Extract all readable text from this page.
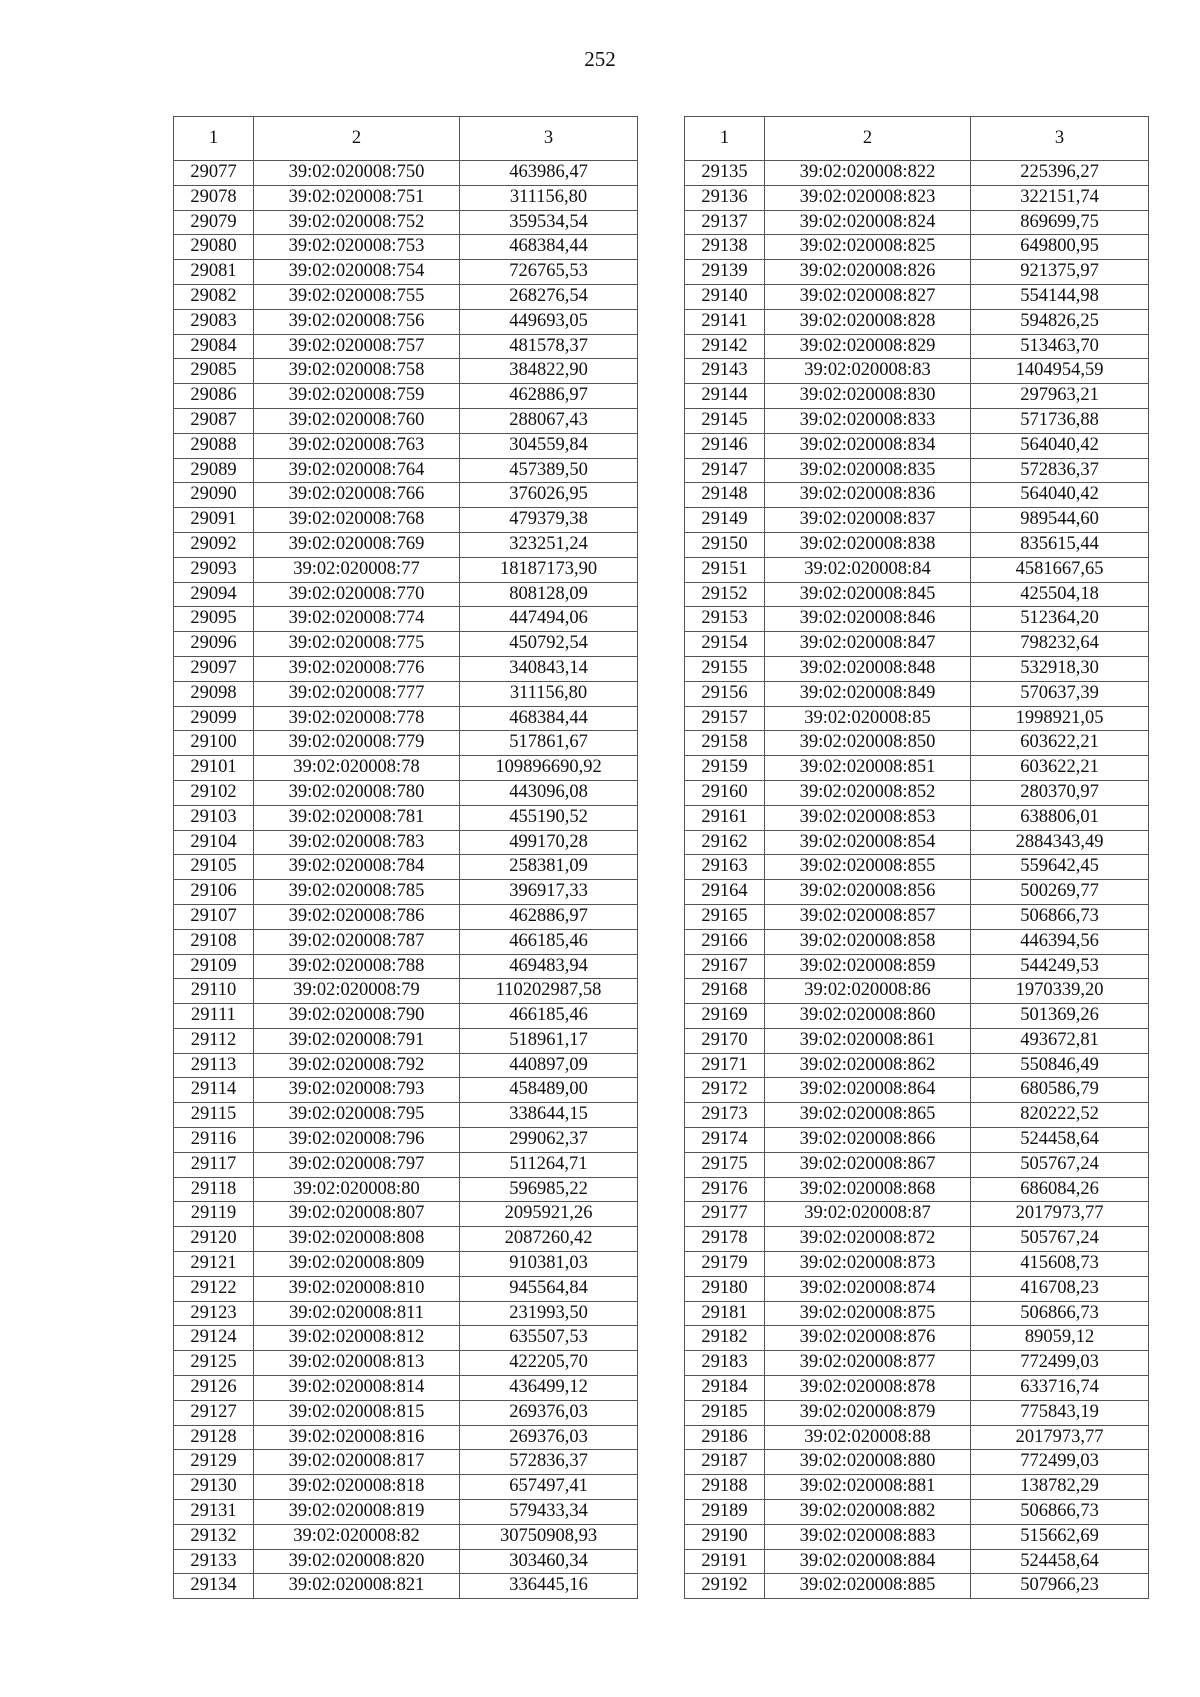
252
1	2	3
29077	39:02:020008:750	463986,47
29078	39:02:020008:751	311156,80
29079	39:02:020008:752	359534,54
29080	39:02:020008:753	468384,44
29081	39:02:020008:754	726765,53
29082	39:02:020008:755	268276,54
29083	39:02:020008:756	449693,05
29084	39:02:020008:757	481578,37
29085	39:02:020008:758	384822,90
29086	39:02:020008:759	462886,97
29087	39:02:020008:760	288067,43
29088	39:02:020008:763	304559,84
29089	39:02:020008:764	457389,50
29090	39:02:020008:766	376026,95
29091	39:02:020008:768	479379,38
29092	39:02:020008:769	323251,24
29093	39:02:020008:77	18187173,90
29094	39:02:020008:770	808128,09
29095	39:02:020008:774	447494,06
29096	39:02:020008:775	450792,54
29097	39:02:020008:776	340843,14
29098	39:02:020008:777	311156,80
29099	39:02:020008:778	468384,44
29100	39:02:020008:779	517861,67
29101	39:02:020008:78	109896690,92
29102	39:02:020008:780	443096,08
29103	39:02:020008:781	455190,52
29104	39:02:020008:783	499170,28
29105	39:02:020008:784	258381,09
29106	39:02:020008:785	396917,33
29107	39:02:020008:786	462886,97
29108	39:02:020008:787	466185,46
29109	39:02:020008:788	469483,94
29110	39:02:020008:79	110202987,58
29111	39:02:020008:790	466185,46
29112	39:02:020008:791	518961,17
29113	39:02:020008:792	440897,09
29114	39:02:020008:793	458489,00
29115	39:02:020008:795	338644,15
29116	39:02:020008:796	299062,37
29117	39:02:020008:797	511264,71
29118	39:02:020008:80	596985,22
29119	39:02:020008:807	2095921,26
29120	39:02:020008:808	2087260,42
29121	39:02:020008:809	910381,03
29122	39:02:020008:810	945564,84
29123	39:02:020008:811	231993,50
29124	39:02:020008:812	635507,53
29125	39:02:020008:813	422205,70
29126	39:02:020008:814	436499,12
29127	39:02:020008:815	269376,03
29128	39:02:020008:816	269376,03
29129	39:02:020008:817	572836,37
29130	39:02:020008:818	657497,41
29131	39:02:020008:819	579433,34
29132	39:02:020008:82	30750908,93
29133	39:02:020008:820	303460,34
29134	39:02:020008:821	336445,16
1	2	3
29135	39:02:020008:822	225396,27
29136	39:02:020008:823	322151,74
29137	39:02:020008:824	869699,75
29138	39:02:020008:825	649800,95
29139	39:02:020008:826	921375,97
29140	39:02:020008:827	554144,98
29141	39:02:020008:828	594826,25
29142	39:02:020008:829	513463,70
29143	39:02:020008:83	1404954,59
29144	39:02:020008:830	297963,21
29145	39:02:020008:833	571736,88
29146	39:02:020008:834	564040,42
29147	39:02:020008:835	572836,37
29148	39:02:020008:836	564040,42
29149	39:02:020008:837	989544,60
29150	39:02:020008:838	835615,44
29151	39:02:020008:84	4581667,65
29152	39:02:020008:845	425504,18
29153	39:02:020008:846	512364,20
29154	39:02:020008:847	798232,64
29155	39:02:020008:848	532918,30
29156	39:02:020008:849	570637,39
29157	39:02:020008:85	1998921,05
29158	39:02:020008:850	603622,21
29159	39:02:020008:851	603622,21
29160	39:02:020008:852	280370,97
29161	39:02:020008:853	638806,01
29162	39:02:020008:854	2884343,49
29163	39:02:020008:855	559642,45
29164	39:02:020008:856	500269,77
29165	39:02:020008:857	506866,73
29166	39:02:020008:858	446394,56
29167	39:02:020008:859	544249,53
29168	39:02:020008:86	1970339,20
29169	39:02:020008:860	501369,26
29170	39:02:020008:861	493672,81
29171	39:02:020008:862	550846,49
29172	39:02:020008:864	680586,79
29173	39:02:020008:865	820222,52
29174	39:02:020008:866	524458,64
29175	39:02:020008:867	505767,24
29176	39:02:020008:868	686084,26
29177	39:02:020008:87	2017973,77
29178	39:02:020008:872	505767,24
29179	39:02:020008:873	415608,73
29180	39:02:020008:874	416708,23
29181	39:02:020008:875	506866,73
29182	39:02:020008:876	89059,12
29183	39:02:020008:877	772499,03
29184	39:02:020008:878	633716,74
29185	39:02:020008:879	775843,19
29186	39:02:020008:88	2017973,77
29187	39:02:020008:880	772499,03
29188	39:02:020008:881	138782,29
29189	39:02:020008:882	506866,73
29190	39:02:020008:883	515662,69
29191	39:02:020008:884	524458,64
29192	39:02:020008:885	507966,23
